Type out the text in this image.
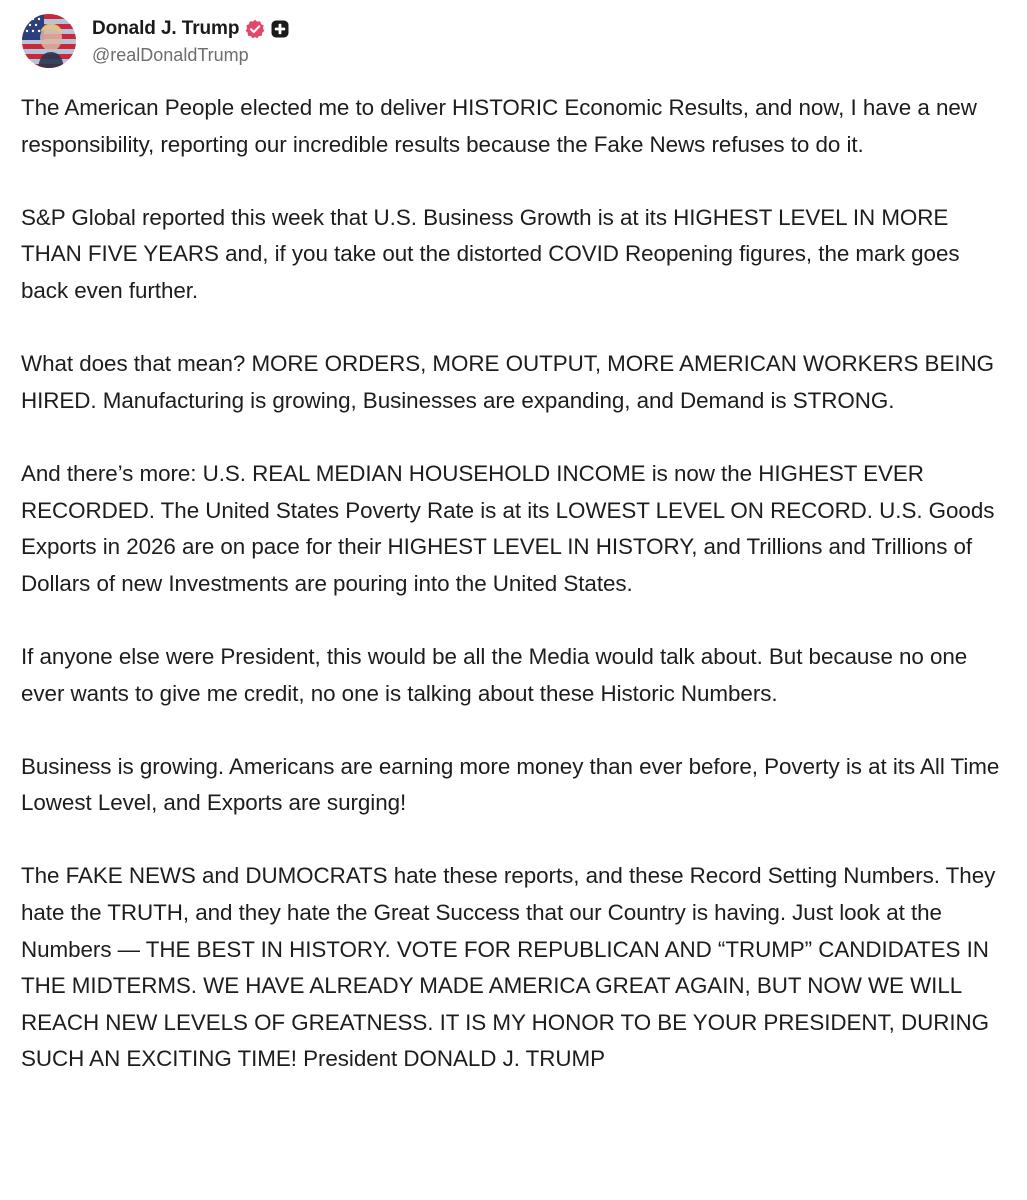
Donald J. Trump
@realDonaldTrump

The American People elected me to deliver HISTORIC Economic Results, and now, I have a new responsibility, reporting our incredible results because the Fake News refuses to do it.

S&P Global reported this week that U.S. Business Growth is at its HIGHEST LEVEL IN MORE THAN FIVE YEARS and, if you take out the distorted COVID Reopening figures, the mark goes back even further.

What does that mean? MORE ORDERS, MORE OUTPUT, MORE AMERICAN WORKERS BEING HIRED. Manufacturing is growing, Businesses are expanding, and Demand is STRONG.

And there’s more: U.S. REAL MEDIAN HOUSEHOLD INCOME is now the HIGHEST EVER RECORDED. The United States Poverty Rate is at its LOWEST LEVEL ON RECORD. U.S. Goods Exports in 2026 are on pace for their HIGHEST LEVEL IN HISTORY, and Trillions and Trillions of Dollars of new Investments are pouring into the United States.

If anyone else were President, this would be all the Media would talk about. But because no one ever wants to give me credit, no one is talking about these Historic Numbers.

Business is growing. Americans are earning more money than ever before, Poverty is at its All Time Lowest Level, and Exports are surging!

The FAKE NEWS and DUMOCRATS hate these reports, and these Record Setting Numbers. They hate the TRUTH, and they hate the Great Success that our Country is having. Just look at the Numbers — THE BEST IN HISTORY. VOTE FOR REPUBLICAN AND “TRUMP” CANDIDATES IN THE MIDTERMS. WE HAVE ALREADY MADE AMERICA GREAT AGAIN, BUT NOW WE WILL REACH NEW LEVELS OF GREATNESS. IT IS MY HONOR TO BE YOUR PRESIDENT, DURING SUCH AN EXCITING TIME! President DONALD J. TRUMP
